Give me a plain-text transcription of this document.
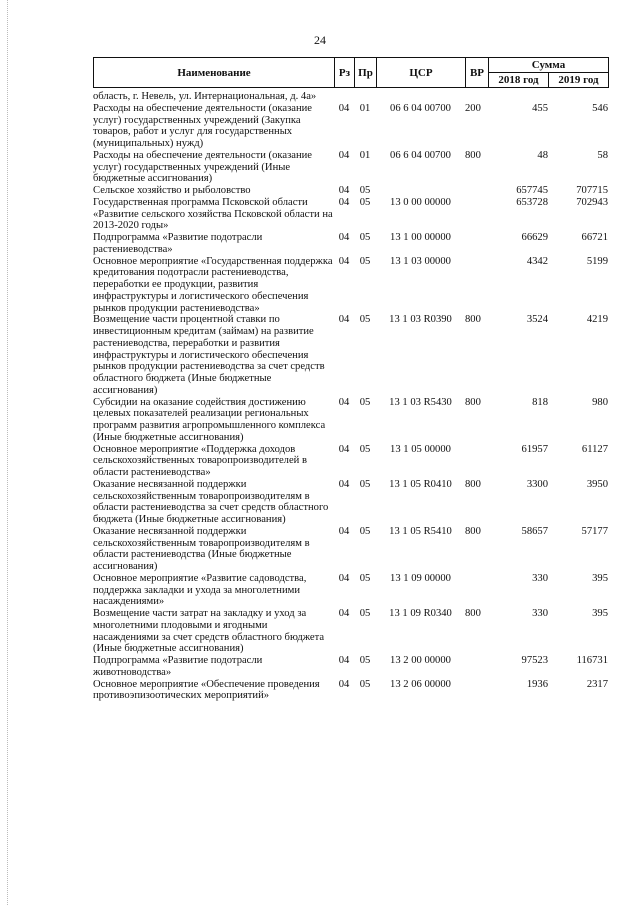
24
Наименование	Рз	Пр	ЦСР	ВР	Сумма	
					2018 год	2019 год
область, г. Невель, ул. Интернациональная, д. 4а»						
Расходы на обеспечение деятельности (оказание услуг) государственных учреждений (Закупка товаров, работ и услуг для государственных (муниципальных) нужд)	04	01	06 6 04 00700	200	455	546
Расходы на обеспечение деятельности (оказание услуг) государственных учреждений (Иные бюджетные ассигнования)	04	01	06 6 04 00700	800	48	58
Сельское хозяйство и рыболовство	04	05			657745	707715
Государственная программа Псковской области «Развитие сельского хозяйства Псковской области на 2013-2020 годы»	04	05	13 0 00 00000		653728	702943
Подпрограмма «Развитие подотрасли растениеводства»	04	05	13 1 00 00000		66629	66721
Основное мероприятие «Государственная поддержка кредитования подотрасли растениеводства, переработки ее продукции, развития инфраструктуры и логистического обеспечения рынков продукции растениеводства»	04	05	13 1 03 00000		4342	5199
Возмещение части процентной ставки по инвестиционным кредитам (займам) на развитие растениеводства, переработки и развития инфраструктуры и логистического обеспечения рынков продукции растениеводства за счет средств областного бюджета (Иные бюджетные ассигнования)	04	05	13 1 03 R0390	800	3524	4219
Субсидии на оказание содействия достижению целевых показателей реализации региональных программ развития агропромышленного комплекса (Иные бюджетные ассигнования)	04	05	13 1 03 R5430	800	818	980
Основное мероприятие «Поддержка доходов сельскохозяйственных товаропроизводителей в области растениеводства»	04	05	13 1 05 00000		61957	61127
Оказание несвязанной поддержки сельскохозяйственным товаропроизводителям в области растениеводства за счет средств областного бюджета (Иные бюджетные ассигнования)	04	05	13 1 05 R0410	800	3300	3950
Оказание несвязанной поддержки сельскохозяйственным товаропроизводителям в области растениеводства (Иные бюджетные ассигнования)	04	05	13 1 05 R5410	800	58657	57177
Основное мероприятие «Развитие садоводства, поддержка закладки и ухода за многолетними насаждениями»	04	05	13 1 09 00000		330	395
Возмещение части затрат на закладку и уход за многолетними плодовыми и ягодными насаждениями за счет средств областного бюджета (Иные бюджетные ассигнования)	04	05	13 1 09 R0340	800	330	395
Подпрограмма «Развитие подотрасли животноводства»	04	05	13 2 00 00000		97523	116731
Основное мероприятие «Обеспечение проведения противоэпизоотических мероприятий»	04	05	13 2 06 00000		1936	2317
